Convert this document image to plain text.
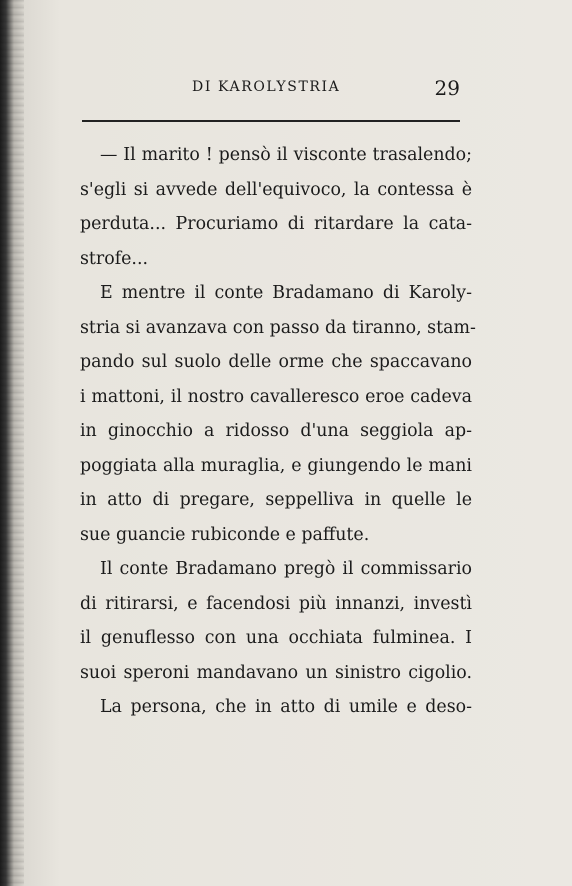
DI KAROLYSTRIA	29
— Il marito ! pensò il visconte trasalendo;
s'egli si avvede dell'equivoco, la contessa è
perduta... Procuriamo di ritardare la cata-
strofe...
E mentre il conte Bradamano di Karoly-
stria si avanzava con passo da tiranno, stam-
pando sul suolo delle orme che spaccavano
i mattoni, il nostro cavalleresco eroe cadeva
in ginocchio a ridosso d'una seggiola ap-
poggiata alla muraglia, e giungendo le mani
in atto di pregare, seppelliva in quelle le
sue guancie rubiconde e paffute.
Il conte Bradamano pregò il commissario
di ritirarsi, e facendosi più innanzi, investì
il genuflesso con una occhiata fulminea. I
suoi speroni mandavano un sinistro cigolio.
La persona, che in atto di umile e deso-
